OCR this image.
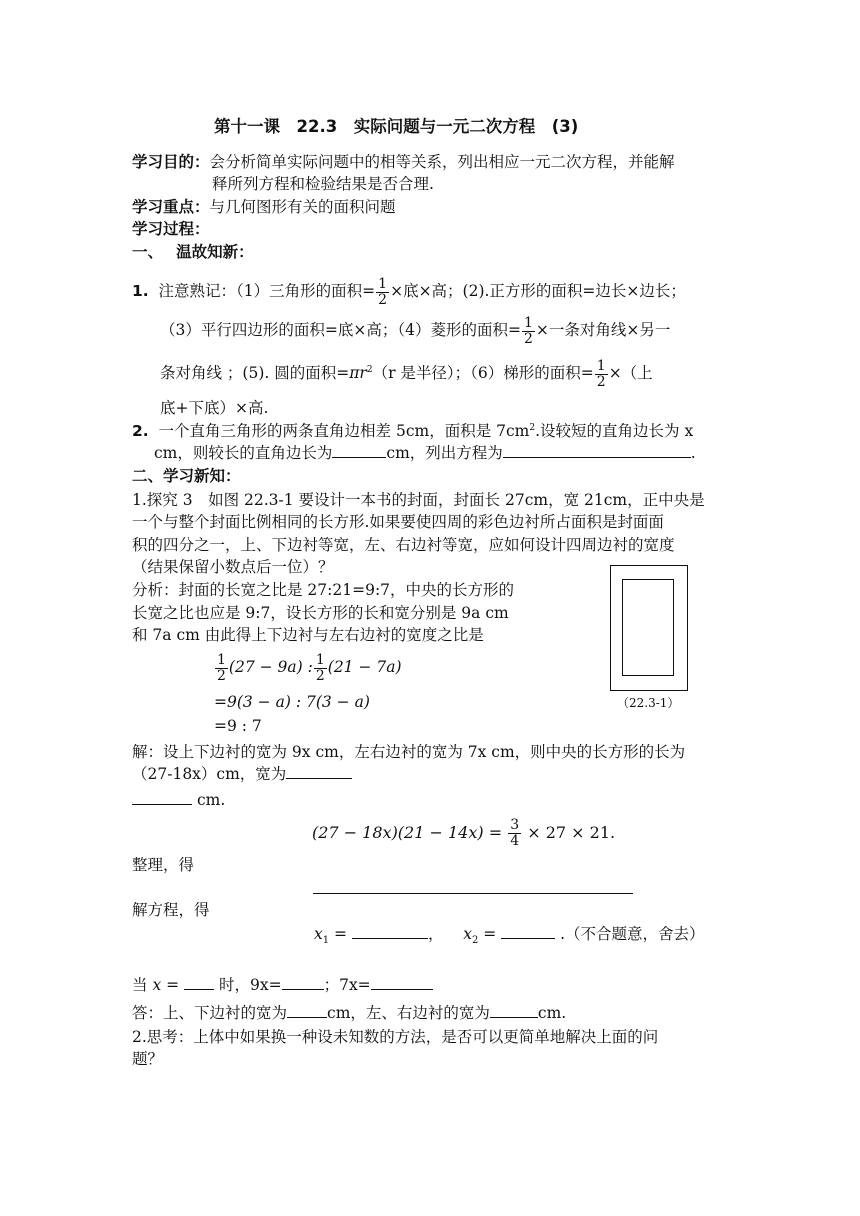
第十一课　22.3　实际问题与一元二次方程　(3)
学习目的：会分析简单实际问题中的相等关系，列出相应一元二次方程，并能解
释所列方程和检验结果是否合理.
学习重点：与几何图形有关的面积问题
学习过程：
一、　 温故知新：
1. 注意熟记：（1）三角形的面积= $\frac{1}{2}$ ×底×高；(2).正方形的面积=边长×边长；
（3）平行四边形的面积=底×高；（4）菱形的面积= $\frac{1}{2}$ ×一条对角线×另一
条对角线 ；(5). 圆的面积$=\pi r^2(r$ 是半径）；（6）梯形的面积= $\frac{1}{2}$ ×（上
底+下底）×高.
2. 一个直角三角形的两条直角边相差 5cm，面积是 $7cm^2$.设较短的直角边长为 x
cm，则较长的直角边长为	cm，列出方程为	.
二、学习新知：
1.探究 3　如图 22.3-1 要设计一本书的封面，封面长 27cm，宽 21cm，正中央是
一个与整个封面比例相同的长方形.如果要使四周的彩色边衬所占面积是封面面
积的四分之一，上、下边衬等宽，左、右边衬等宽，应如何设计四周边衬的宽度
（结果保留小数点后一位）？
分析：封面的长宽之比是 27:21=9:7，中央的长方形的
长宽之比也应是 9:7，设长方形的长和宽分别是 9a cm
和 7a cm 由此得上下边衬与左右边衬的宽度之比是
$\frac{1}{2} (27 - 9a)$ : $\frac{1}{2} (21 - 7a)$
=9(3 − a) : 7(3 − a)
=9 : 7
（22.3-1）
解：设上下边衬的宽为 9x cm，左右边衬的宽为 7x cm，则中央的长方形的长为
（27-18x）cm，宽为
cm.
$(27 - 18x)(21 - 14x) = \frac{3}{4} \times 27 \times 21$.
整理，得
解方程，得
$x_1$ =	，    $x_2$ =	.（不合题意，舍去）
当 x =  时，9x=	；7x=
答：上、下边衬的宽为	cm，左、右边衬的宽为	cm.
2.思考：上体中如果换一种设未知数的方法，是否可以更简单地解决上面的问
题？
